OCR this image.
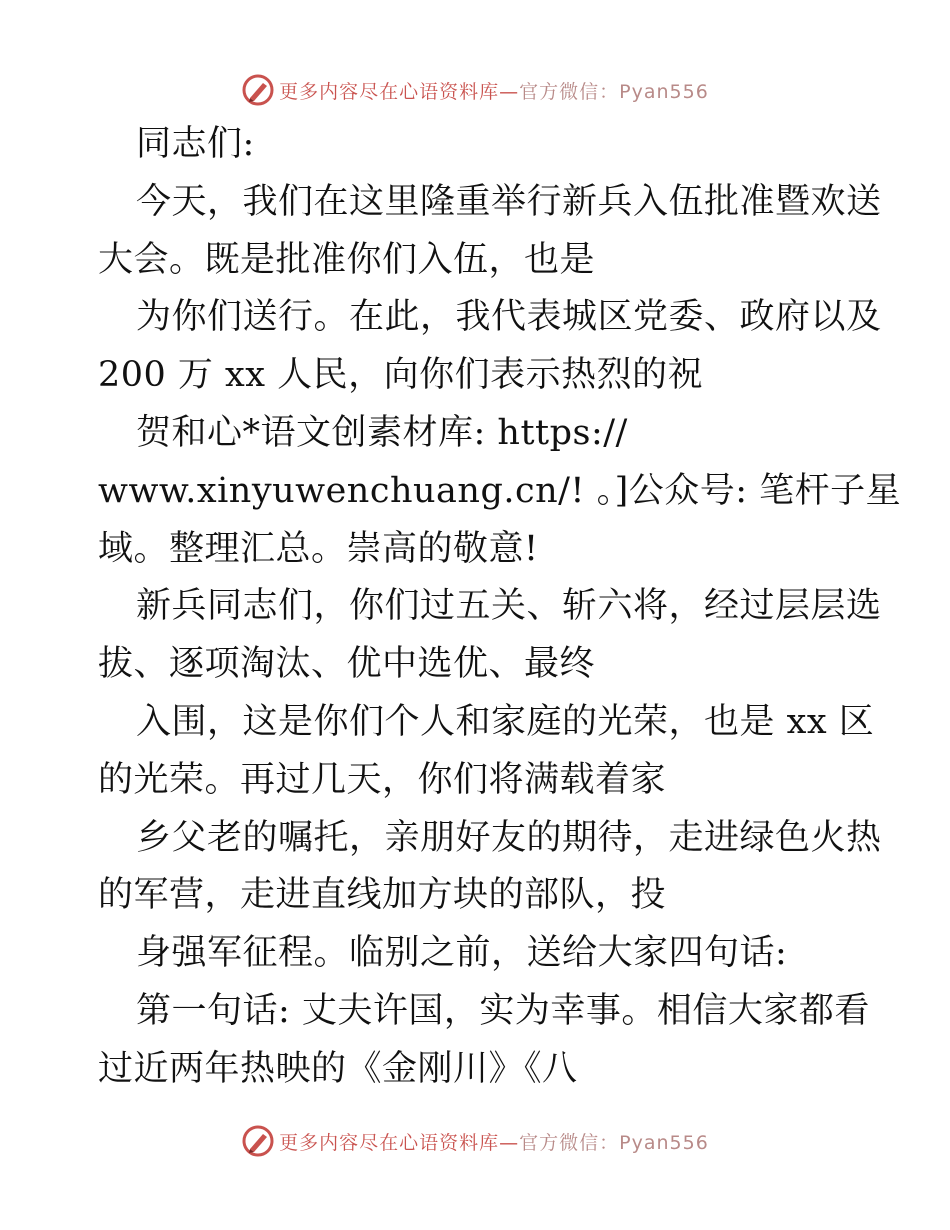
更多内容尽在心语资料库— 官方微信：Pyan556
同志们:
今天，我们在这里隆重举行新兵入伍批准暨欢送
大会。既是批准你们入伍，也是
为你们送行。在此，我代表城区党委、政府以及
200 万 xx 人民，向你们表示热烈的祝
贺和心*语文创素材库: https://
www.xinyuwenchuang.cn/! 。]公众号: 笔杆子星
域。整理汇总。崇高的敬意!
新兵同志们，你们过五关、斩六将，经过层层选
拔、逐项淘汰、优中选优、最终
入围，这是你们个人和家庭的光荣，也是 xx 区
的光荣。再过几天，你们将满载着家
乡父老的嘱托，亲朋好友的期待，走进绿色火热
的军营，走进直线加方块的部队，投
身强军征程。临别之前，送给大家四句话:
第一句话: 丈夫许国，实为幸事。相信大家都看
过近两年热映的《金刚川》《八
更多内容尽在心语资料库— 官方微信：Pyan556
